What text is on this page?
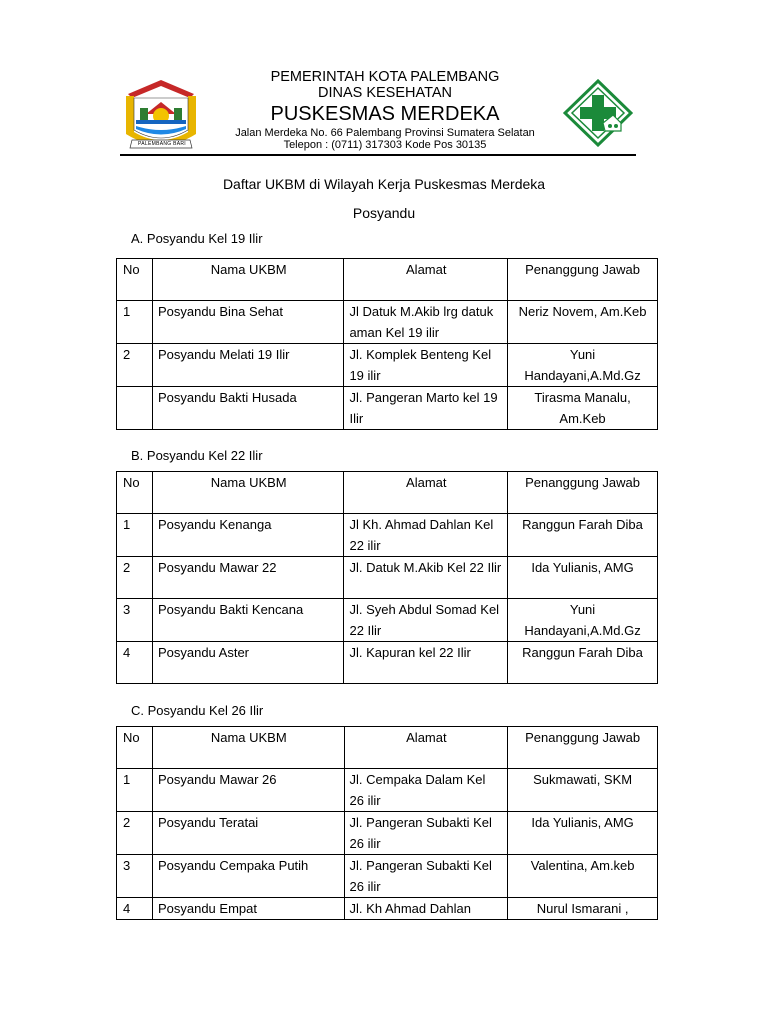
PALEMBANG BARI
PEMERINTAH KOTA PALEMBANG
DINAS KESEHATAN
PUSKESMAS MERDEKA
Jalan Merdeka No. 66 Palembang Provinsi Sumatera Selatan
Telepon : (0711) 317303 Kode Pos 30135
Daftar UKBM di Wilayah Kerja Puskesmas Merdeka
Posyandu
A. Posyandu Kel 19 Ilir
No	Nama UKBM	Alamat	Penanggung Jawab
1	Posyandu Bina Sehat	Jl Datuk M.Akib lrg datuk aman Kel 19 ilir	Neriz Novem, Am.Keb
2	Posyandu Melati 19 Ilir	Jl. Komplek Benteng Kel 19 ilir	Yuni Handayani,A.Md.Gz
	Posyandu Bakti Husada	Jl. Pangeran Marto kel 19 Ilir	Tirasma Manalu, Am.Keb
B. Posyandu Kel 22 Ilir
No	Nama UKBM	Alamat	Penanggung Jawab
1	Posyandu Kenanga	Jl Kh. Ahmad Dahlan Kel 22 ilir	Ranggun Farah Diba
2	Posyandu Mawar 22	Jl. Datuk M.Akib Kel 22 Ilir	Ida Yulianis, AMG
3	Posyandu Bakti Kencana	Jl. Syeh Abdul Somad Kel 22 Ilir	Yuni Handayani,A.Md.Gz
4	Posyandu Aster	Jl. Kapuran kel 22 Ilir	Ranggun Farah Diba
C. Posyandu Kel 26 Ilir
No	Nama UKBM	Alamat	Penanggung Jawab
1	Posyandu Mawar 26	Jl. Cempaka Dalam Kel 26 ilir	Sukmawati, SKM
2	Posyandu Teratai	Jl. Pangeran Subakti Kel 26 ilir	Ida Yulianis, AMG
3	Posyandu Cempaka Putih	Jl. Pangeran Subakti Kel 26 ilir	Valentina, Am.keb
4	Posyandu Empat	Jl. Kh Ahmad Dahlan	Nurul Ismarani ,
